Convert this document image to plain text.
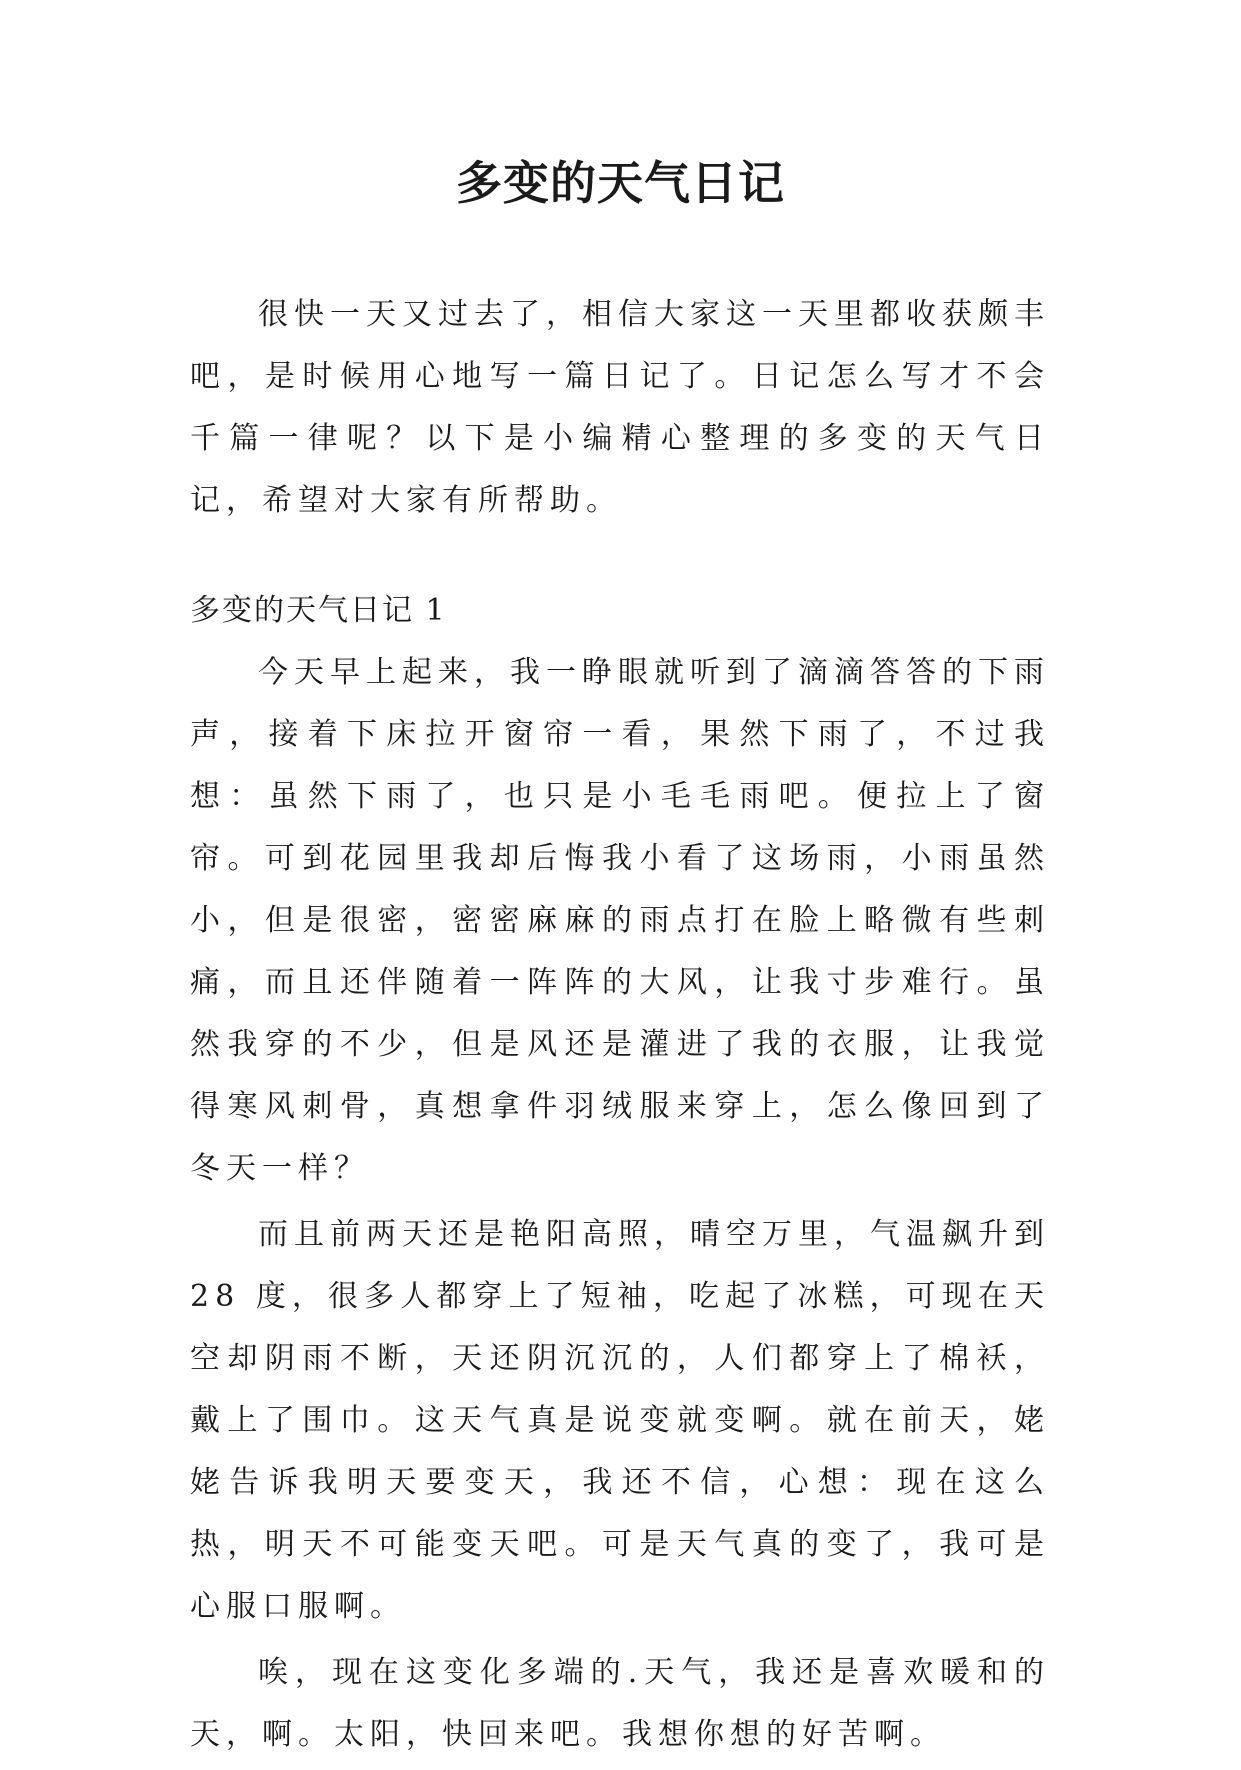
多变的天气日记

很快一天又过去了，相信大家这一天里都收获颇丰吧，是时候用心地写一篇日记了。日记怎么写才不会千篇一律呢？以下是小编精心整理的多变的天气日记，希望对大家有所帮助。

多变的天气日记 1

今天早上起来，我一睁眼就听到了滴滴答答的下雨声，接着下床拉开窗帘一看，果然下雨了，不过我想：虽然下雨了，也只是小毛毛雨吧。便拉上了窗帘。可到花园里我却后悔我小看了这场雨，小雨虽然小，但是很密，密密麻麻的雨点打在脸上略微有些刺痛，而且还伴随着一阵阵的大风，让我寸步难行。虽然我穿的不少，但是风还是灌进了我的衣服，让我觉得寒风刺骨，真想拿件羽绒服来穿上，怎么像回到了冬天一样？

而且前两天还是艳阳高照，晴空万里，气温飙升到 28 度，很多人都穿上了短袖，吃起了冰糕，可现在天空却阴雨不断，天还阴沉沉的，人们都穿上了棉袄，戴上了围巾。这天气真是说变就变啊。就在前天，姥姥告诉我明天要变天，我还不信，心想：现在这么热，明天不可能变天吧。可是天气真的变了，我可是心服口服啊。

唉，现在这变化多端的.天气，我还是喜欢暖和的天，啊。太阳，快回来吧。我想你想的好苦啊。
